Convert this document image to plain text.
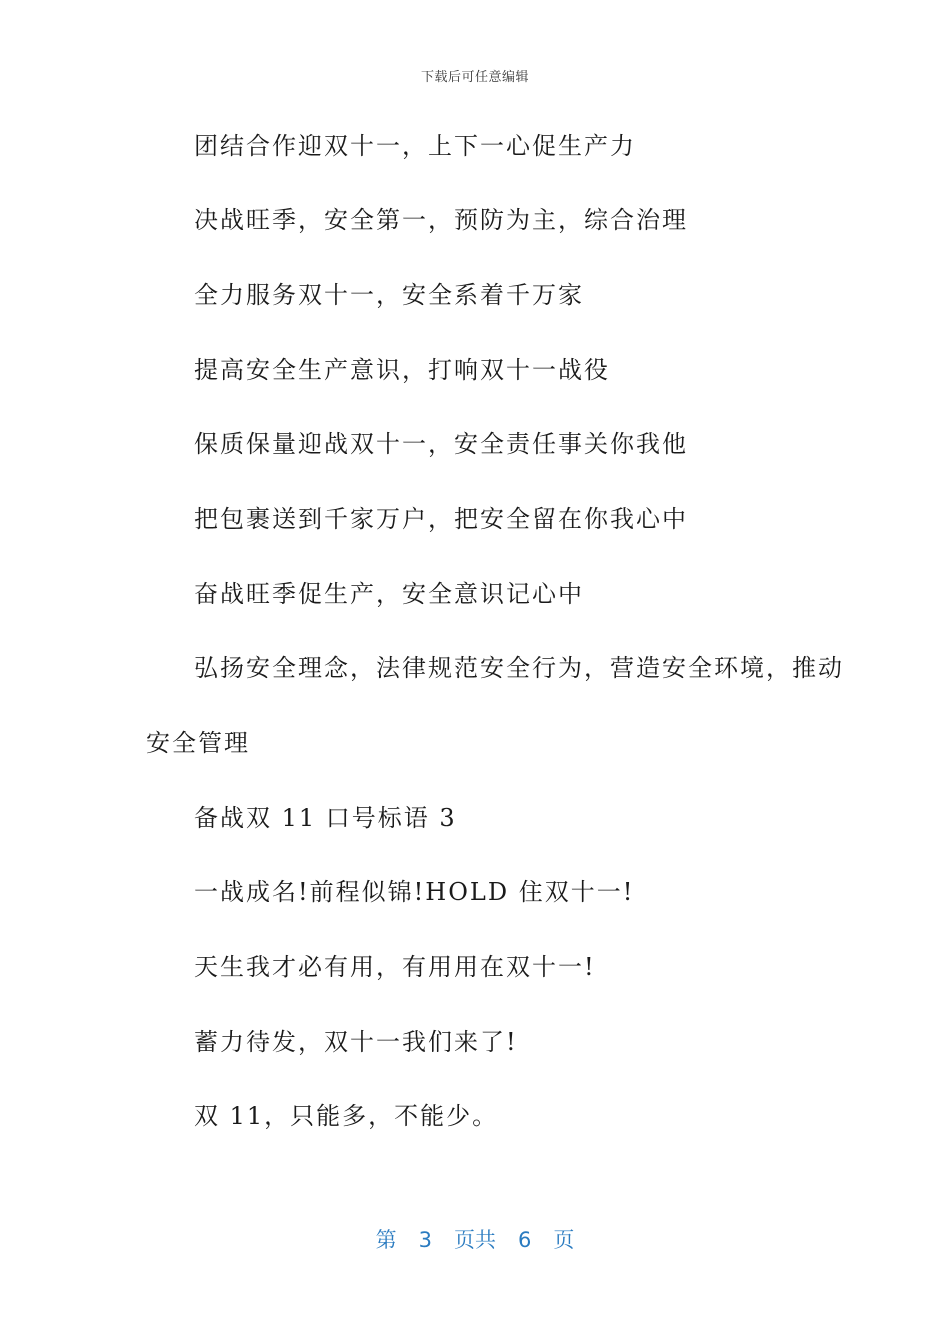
下载后可任意编辑
团结合作迎双十一，上下一心促生产力
决战旺季，安全第一，预防为主，综合治理
全力服务双十一，安全系着千万家
提高安全生产意识，打响双十一战役
保质保量迎战双十一，安全责任事关你我他
把包裹送到千家万户，把安全留在你我心中
奋战旺季促生产，安全意识记心中
弘扬安全理念，法律规范安全行为，营造安全环境，推动
安全管理
备战双 11 口号标语 3
一战成名!前程似锦!HOLD 住双十一!
天生我才必有用，有用用在双十一!
蓄力待发，双十一我们来了!
双 11，只能多，不能少。
第 3 页共 6 页
